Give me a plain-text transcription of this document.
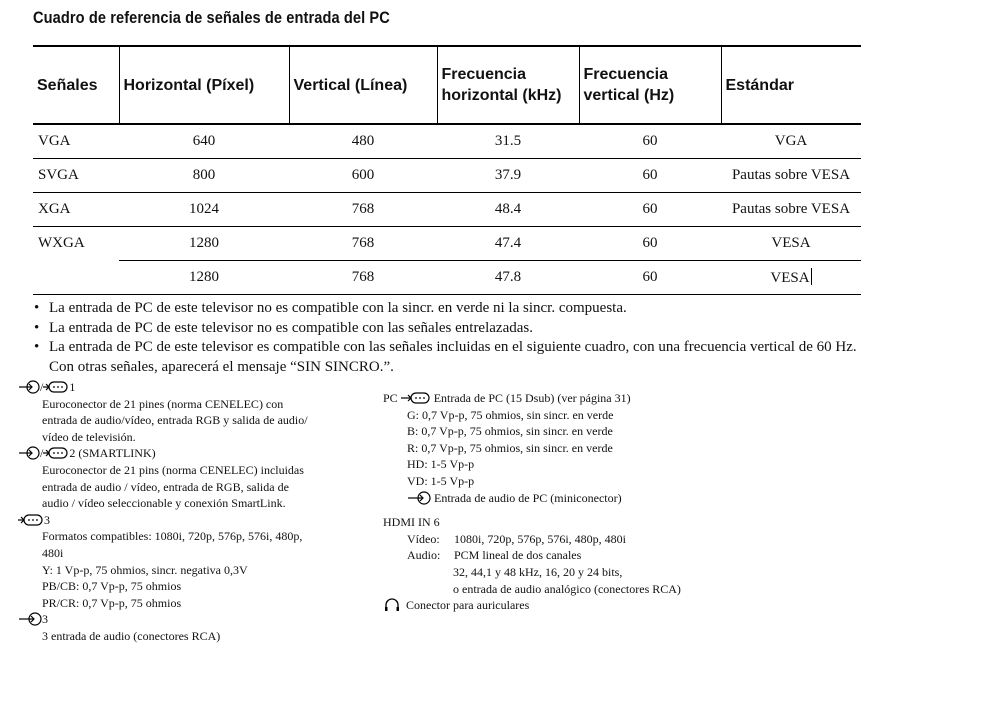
Cuadro de referencia de señales de entrada del PC
Señales	Horizontal (Píxel)	Vertical (Línea)	Frecuencia horizontal (kHz)	Frecuencia vertical (Hz)	Estándar
VGA	640	480	31.5	60	VGA
SVGA	800	600	37.9	60	Pautas sobre VESA
XGA	1024	768	48.4	60	Pautas sobre VESA
WXGA	1280	768	47.4	60	VESA
	1280	768	47.8	60	VESA
• La entrada de PC de este televisor no es compatible con la sincr. en verde ni la sincr. compuesta.
• La entrada de PC de este televisor no es compatible con las señales entrelazadas.
• La entrada de PC de este televisor es compatible con las señales incluidas en el siguiente cuadro, con una frecuencia vertical de 60 Hz. Con otras señales, aparecerá el mensaje “SIN SINCRO.”.
/ 1
Euroconector de 21 pines (norma CENELEC) con
entrada de audio/vídeo, entrada RGB y salida de audio/
vídeo de televisión.
/ 2 (SMARTLINK)
Euroconector de 21 pins (norma CENELEC) incluidas
entrada de audio / vídeo, entrada de RGB, salida de
audio / vídeo seleccionable y conexión SmartLink.
3
Formatos compatibles: 1080i, 720p, 576p, 576i, 480p,
480i
Y: 1 Vp-p, 75 ohmios, sincr. negativa 0,3V
PB/CB: 0,7 Vp-p, 75 ohmios
PR/CR: 0,7 Vp-p, 75 ohmios
3
3 entrada de audio (conectores RCA)
PC	Entrada de PC (15 Dsub) (ver página 31)
G: 0,7 Vp-p, 75 ohmios, sin sincr. en verde
B: 0,7 Vp-p, 75 ohmios, sin sincr. en verde
R: 0,7 Vp-p, 75 ohmios, sin sincr. en verde
HD: 1-5 Vp-p
VD: 1-5 Vp-p
Entrada de audio de PC (miniconector)
HDMI IN 6
Vídeo: 1080i, 720p, 576p, 576i, 480p, 480i
Audio: PCM lineal de dos canales
32, 44,1 y 48 kHz, 16, 20 y 24 bits,
o entrada de audio analógico (conectores RCA)
Conector para auriculares
